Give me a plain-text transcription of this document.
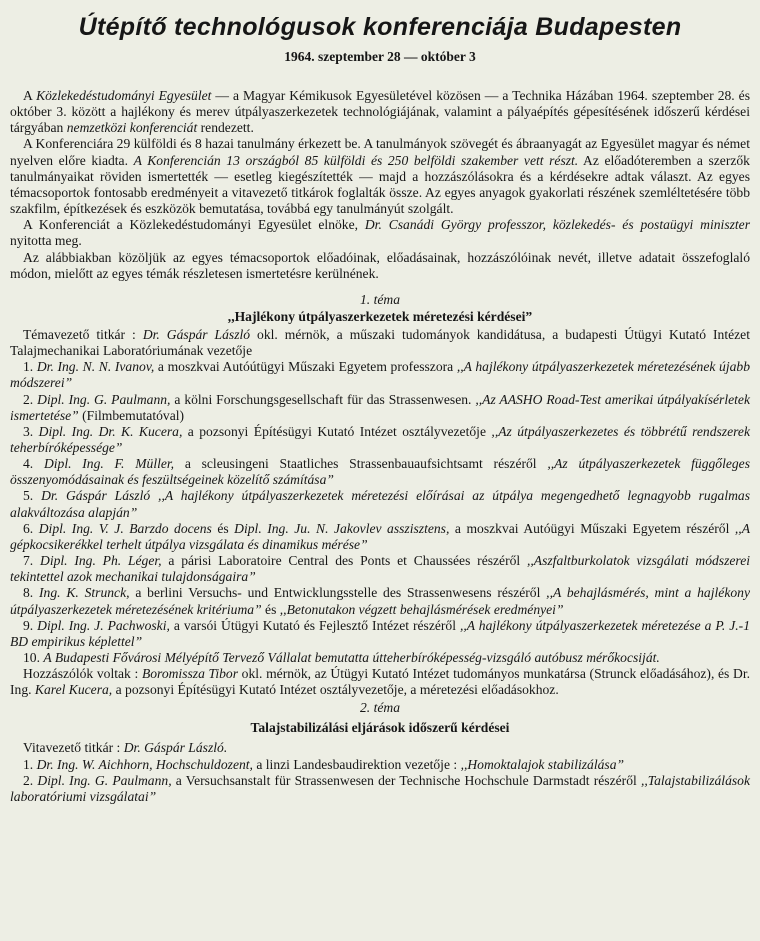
Útépítő technológusok konferenciája Budapesten
1964. szeptember 28 — október 3

A Közlekedéstudományi Egyesület — a Magyar Kémikusok Egyesületével közösen — a Technika Házában 1964. szeptember 28. és október 3. között a hajlékony és merev útpályaszerkezetek technológiájának, valamint a pályaépítés gépesítésének időszerű kérdései tárgyában nemzetközi konferenciát rendezett.

A Konferenciára 29 külföldi és 8 hazai tanulmány érkezett be. A tanulmányok szövegét és ábraanyagát az Egyesület magyar és német nyelven előre kiadta. A Konferencián 13 országból 85 külföldi és 250 belföldi szakember vett részt. Az előadóteremben a szerzők tanulmányaikat röviden ismertették — esetleg kiegészítették — majd a hozzászólásokra és a kérdésekre adtak választ. Az egyes témacsoportok fontosabb eredményeit a vitavezető titkárok foglalták össze. Az egyes anyagok gyakorlati részének szemléltetésére több szakfilm, építkezések és eszközök bemutatása, továbbá egy tanulmányút szolgált.

A Konferenciát a Közlekedéstudományi Egyesület elnöke, Dr. Csanádi György professzor, közlekedés- és postaügyi miniszter nyitotta meg.

Az alábbiakban közöljük az egyes témacsoportok előadóinak, előadásainak, hozzászólóinak nevét, illetve adatait összefoglaló módon, mielőtt az egyes témák részletesen ismertetésre kerülnének.

1. téma
,,Hajlékony útpályaszerkezetek méretezési kérdései”

Témavezető titkár : Dr. Gáspár László okl. mérnök, a műszaki tudományok kandidátusa, a budapesti Útügyi Kutató Intézet Talajmechanikai Laboratóriumának vezetője

1. Dr. Ing. N. N. Ivanov, a moszkvai Autóútügyi Műszaki Egyetem professzora ,,A hajlékony útpályaszerkezetek méretezésének újabb módszerei”

2. Dipl. Ing. G. Paulmann, a kölni Forschungsgesellschaft für das Strassenwesen. ,,Az AASHO Road-Test amerikai útpályakísérletek ismertetése” (Filmbemutatóval)

3. Dipl. Ing. Dr. K. Kucera, a pozsonyi Építésügyi Kutató Intézet osztályvezetője ,,Az útpályaszerkezetes és többrétű rendszerek teherbíróképessége”

4. Dipl. Ing. F. Müller, a scleusingeni Staatliches Strassenbauaufsichtsamt részéről ,,Az útpályaszerkezetek függőleges összenyomódásainak és feszültségeinek közelítő számítása”

5. Dr. Gáspár László ,,A hajlékony útpályaszerkezetek méretezési előírásai az útpálya megengedhető legnagyobb rugalmas alakváltozása alapján”

6. Dipl. Ing. V. J. Barzdo docens és Dipl. Ing. Ju. N. Jakovlev asszisztens, a moszkvai Autóügyi Műszaki Egyetem részéről ,,A gépkocsikerékkel terhelt útpálya vizsgálata és dinamikus mérése”

7. Dipl. Ing. Ph. Léger, a párisi Laboratoire Central des Ponts et Chaussées részéről ,,Aszfaltburkolatok vizsgálati módszerei tekintettel azok mechanikai tulajdonságaira”

8. Ing. K. Strunck, a berlini Versuchs- und Entwicklungsstelle des Strassenwesens részéről ,,A behajlásmérés, mint a hajlékony útpályaszerkezetek méretezésének kritériuma” és ,,Betonutakon végzett behajlásmérések eredményei”

9. Dipl. Ing. J. Pachwoski, a varsói Útügyi Kutató és Fejlesztő Intézet részéről ,,A hajlékony útpályaszerkezetek méretezése a P. J.-1 BD empirikus képlettel”

10. A Budapesti Fővárosi Mélyépítő Tervező Vállalat bemutatta útteherbíróképesség-vizsgáló autóbusz mérőkocsiját.

Hozzászólók voltak : Boromissza Tibor okl. mérnök, az Útügyi Kutató Intézet tudományos munkatársa (Strunck előadásához), és Dr. Ing. Karel Kucera, a pozsonyi Építésügyi Kutató Intézet osztályvezetője, a méretezési előadásokhoz.

2. téma
Talajstabilizálási eljárások időszerű kérdései

Vitavezető titkár : Dr. Gáspár László.

1. Dr. Ing. W. Aichhorn, Hochschuldozent, a linzi Landesbaudirektion vezetője : ,,Homoktalajok stabilizálása”

2. Dipl. Ing. G. Paulmann, a Versuchsanstalt für Strassenwesen der Technische Hochschule Darmstadt részéről ,,Talajstabilizálások laboratóriumi vizsgálatai”
